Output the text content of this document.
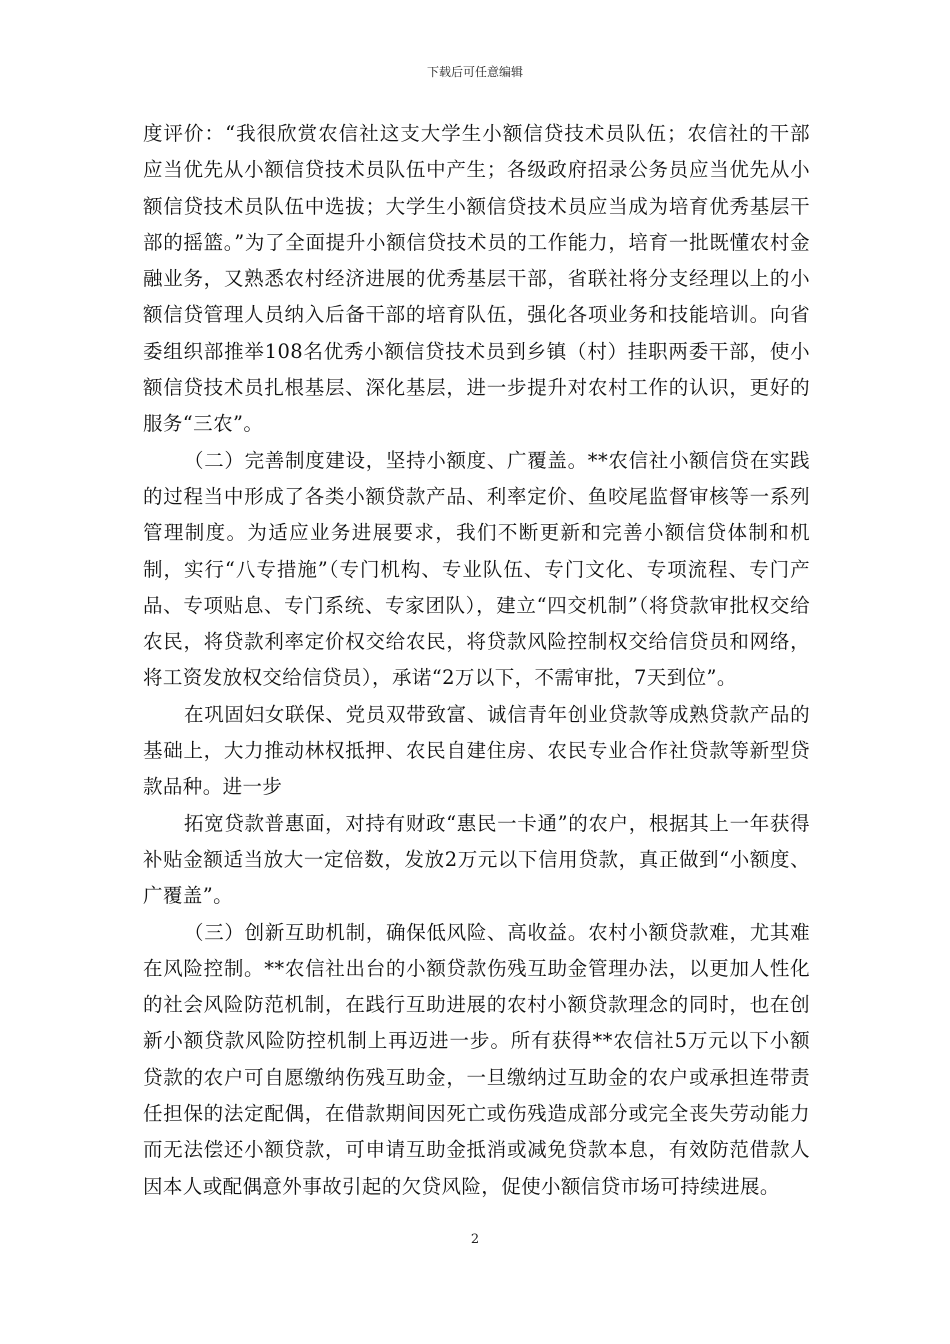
下载后可任意编辑

度评价：“我很欣赏农信社这支大学生小额信贷技术员队伍；农信社的干部应当优先从小额信贷技术员队伍中产生；各级政府招录公务员应当优先从小额信贷技术员队伍中选拔；大学生小额信贷技术员应当成为培育优秀基层干部的摇篮。”为了全面提升小额信贷技术员的工作能力，培育一批既懂农村金融业务，又熟悉农村经济进展的优秀基层干部，省联社将分支经理以上的小额信贷管理人员纳入后备干部的培育队伍，强化各项业务和技能培训。向省委组织部推举108名优秀小额信贷技术员到乡镇（村）挂职两委干部，使小额信贷技术员扎根基层、深化基层，进一步提升对农村工作的认识，更好的服务“三农”。

（二）完善制度建设，坚持小额度、广覆盖。**农信社小额信贷在实践的过程当中形成了各类小额贷款产品、利率定价、鱼咬尾监督审核等一系列管理制度。为适应业务进展要求，我们不断更新和完善小额信贷体制和机制，实行“八专措施”（专门机构、专业队伍、专门文化、专项流程、专门产品、专项贴息、专门系统、专家团队），建立“四交机制”（将贷款审批权交给农民，将贷款利率定价权交给农民，将贷款风险控制权交给信贷员和网络，将工资发放权交给信贷员），承诺“2万以下，不需审批，7天到位”。

在巩固妇女联保、党员双带致富、诚信青年创业贷款等成熟贷款产品的基础上，大力推动林权抵押、农民自建住房、农民专业合作社贷款等新型贷款品种。进一步

拓宽贷款普惠面，对持有财政“惠民一卡通”的农户，根据其上一年获得补贴金额适当放大一定倍数，发放2万元以下信用贷款，真正做到“小额度、广覆盖”。

（三）创新互助机制，确保低风险、高收益。农村小额贷款难，尤其难在风险控制。**农信社出台的小额贷款伤残互助金管理办法，以更加人性化的社会风险防范机制，在践行互助进展的农村小额贷款理念的同时，也在创新小额贷款风险防控机制上再迈进一步。所有获得**农信社5万元以下小额贷款的农户可自愿缴纳伤残互助金，一旦缴纳过互助金的农户或承担连带责任担保的法定配偶，在借款期间因死亡或伤残造成部分或完全丧失劳动能力而无法偿还小额贷款，可申请互助金抵消或减免贷款本息，有效防范借款人因本人或配偶意外事故引起的欠贷风险，促使小额信贷市场可持续进展。

2
